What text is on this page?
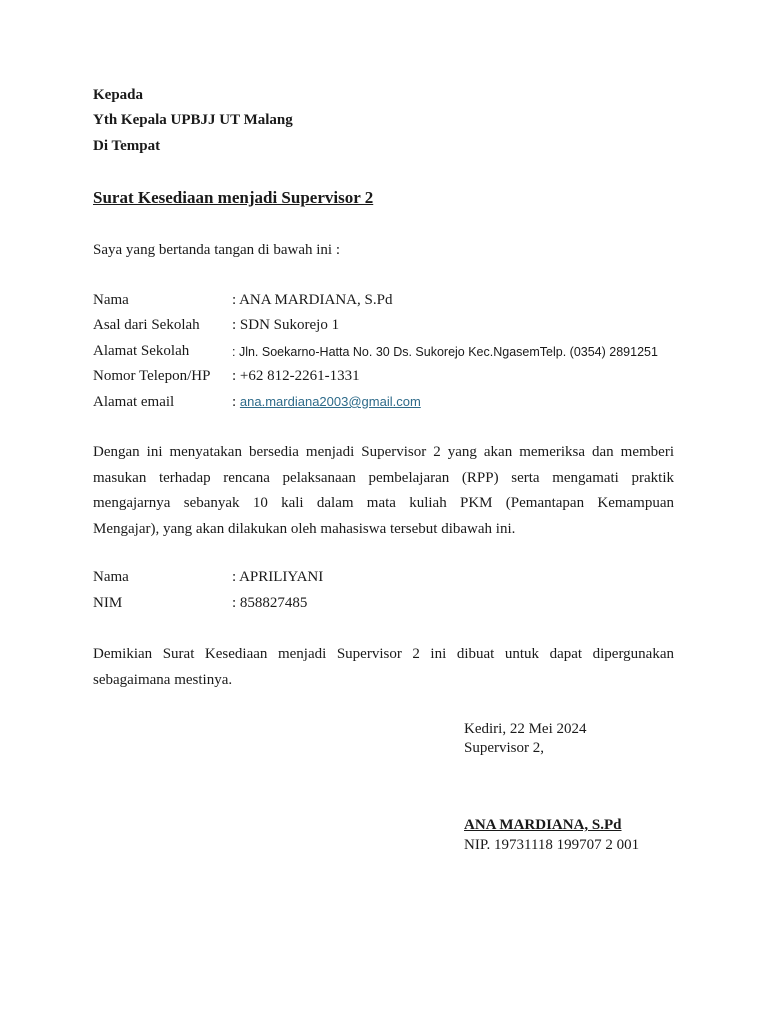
Kepada
Yth Kepala UPBJJ UT Malang
Di Tempat
Surat Kesediaan menjadi Supervisor 2
Saya yang bertanda tangan di bawah ini :
Nama	: ANA MARDIANA, S.Pd
Asal dari Sekolah : SDN Sukorejo 1
Alamat Sekolah	: Jln. Soekarno-Hatta No. 30 Ds. Sukorejo Kec.NgasemTelp. (0354) 2891251
Nomor Telepon/HP : +62 812-2261-1331
Alamat email	: ana.mardiana2003@gmail.com
Dengan ini menyatakan bersedia menjadi Supervisor 2 yang akan memeriksa dan memberi
masukan terhadap rencana pelaksanaan pembelajaran (RPP) serta mengamati praktik
mengajarnya sebanyak 10 kali dalam mata kuliah PKM (Pemantapan Kemampuan
Mengajar), yang akan dilakukan oleh mahasiswa tersebut dibawah ini.
Nama	: APRILIYANI
NIM	: 858827485
Demikian Surat Kesediaan menjadi Supervisor 2 ini dibuat untuk dapat dipergunakan
sebagaimana mestinya.
Kediri, 22 Mei 2024
Supervisor 2,
ANA MARDIANA, S.Pd
NIP. 19731118 199707 2 001
